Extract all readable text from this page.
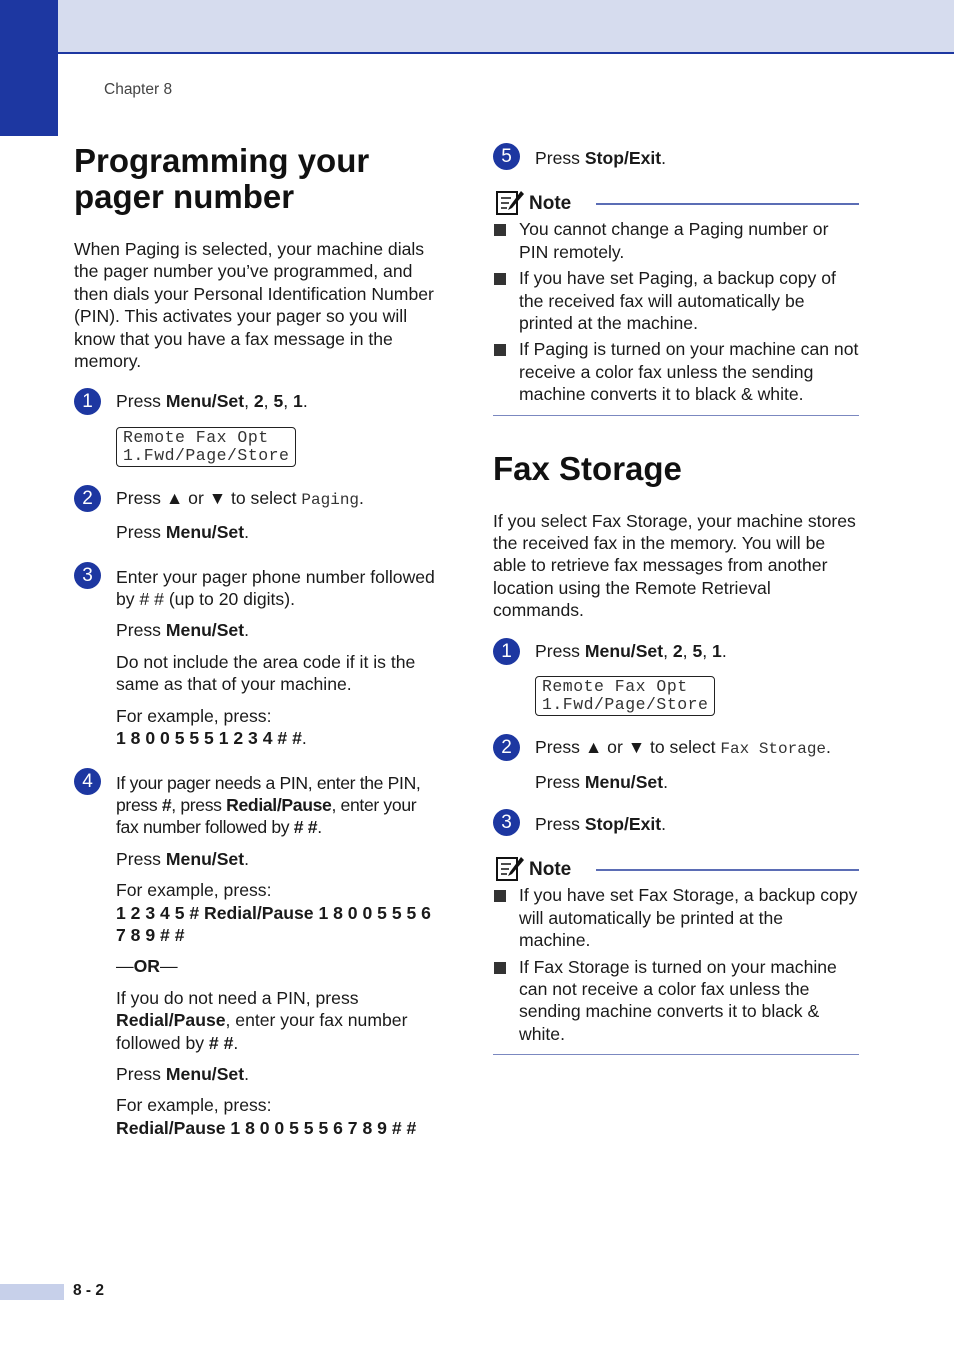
Chapter 8
Programming your
pager number

When Paging is selected, your machine dials the pager number you’ve programmed, and then dials your Personal Identification Number (PIN). This activates your pager so you will know that you have a fax message in the memory.

1	Press Menu/Set, 2, 5, 1.

Remote Fax Opt
1.Fwd/Page/Store
2	Press ▲ or ▼ to select Paging.

Press Menu/Set.

3	Enter your pager phone number followed by # # (up to 20 digits).

Press Menu/Set.

Do not include the area code if it is the same as that of your machine.

For example, press:

1 8 0 0 5 5 5 1 2 3 4 # #.

4	If your pager needs a PIN, enter the PIN, press #, press Redial/Pause, enter your fax number followed by # #.

Press Menu/Set.

For example, press:

1 2 3 4 5 # Redial/Pause 1 8 0 0 5 5 5 6 7 8 9 # #

—OR—

If you do not need a PIN, press Redial/Pause, enter your fax number followed by # #.

Press Menu/Set.

For example, press:

Redial/Pause 1 8 0 0 5 5 5 6 7 8 9 # #

5	Press Stop/Exit.

Note
You cannot change a Paging number or PIN remotely.
If you have set Paging, a backup copy of the received fax will automatically be printed at the machine.
If Paging is turned on your machine can not receive a color fax unless the sending machine converts it to black & white.
Fax Storage

If you select Fax Storage, your machine stores the received fax in the memory. You will be able to retrieve fax messages from another location using the Remote Retrieval commands.

1	Press Menu/Set, 2, 5, 1.

Remote Fax Opt
1.Fwd/Page/Store
2	Press ▲ or ▼ to select Fax Storage.

Press Menu/Set.

3	Press Stop/Exit.

Note
If you have set Fax Storage, a backup copy will automatically be printed at the machine.
If Fax Storage is turned on your machine can not receive a color fax unless the sending machine converts it to black & white.
8 - 2
